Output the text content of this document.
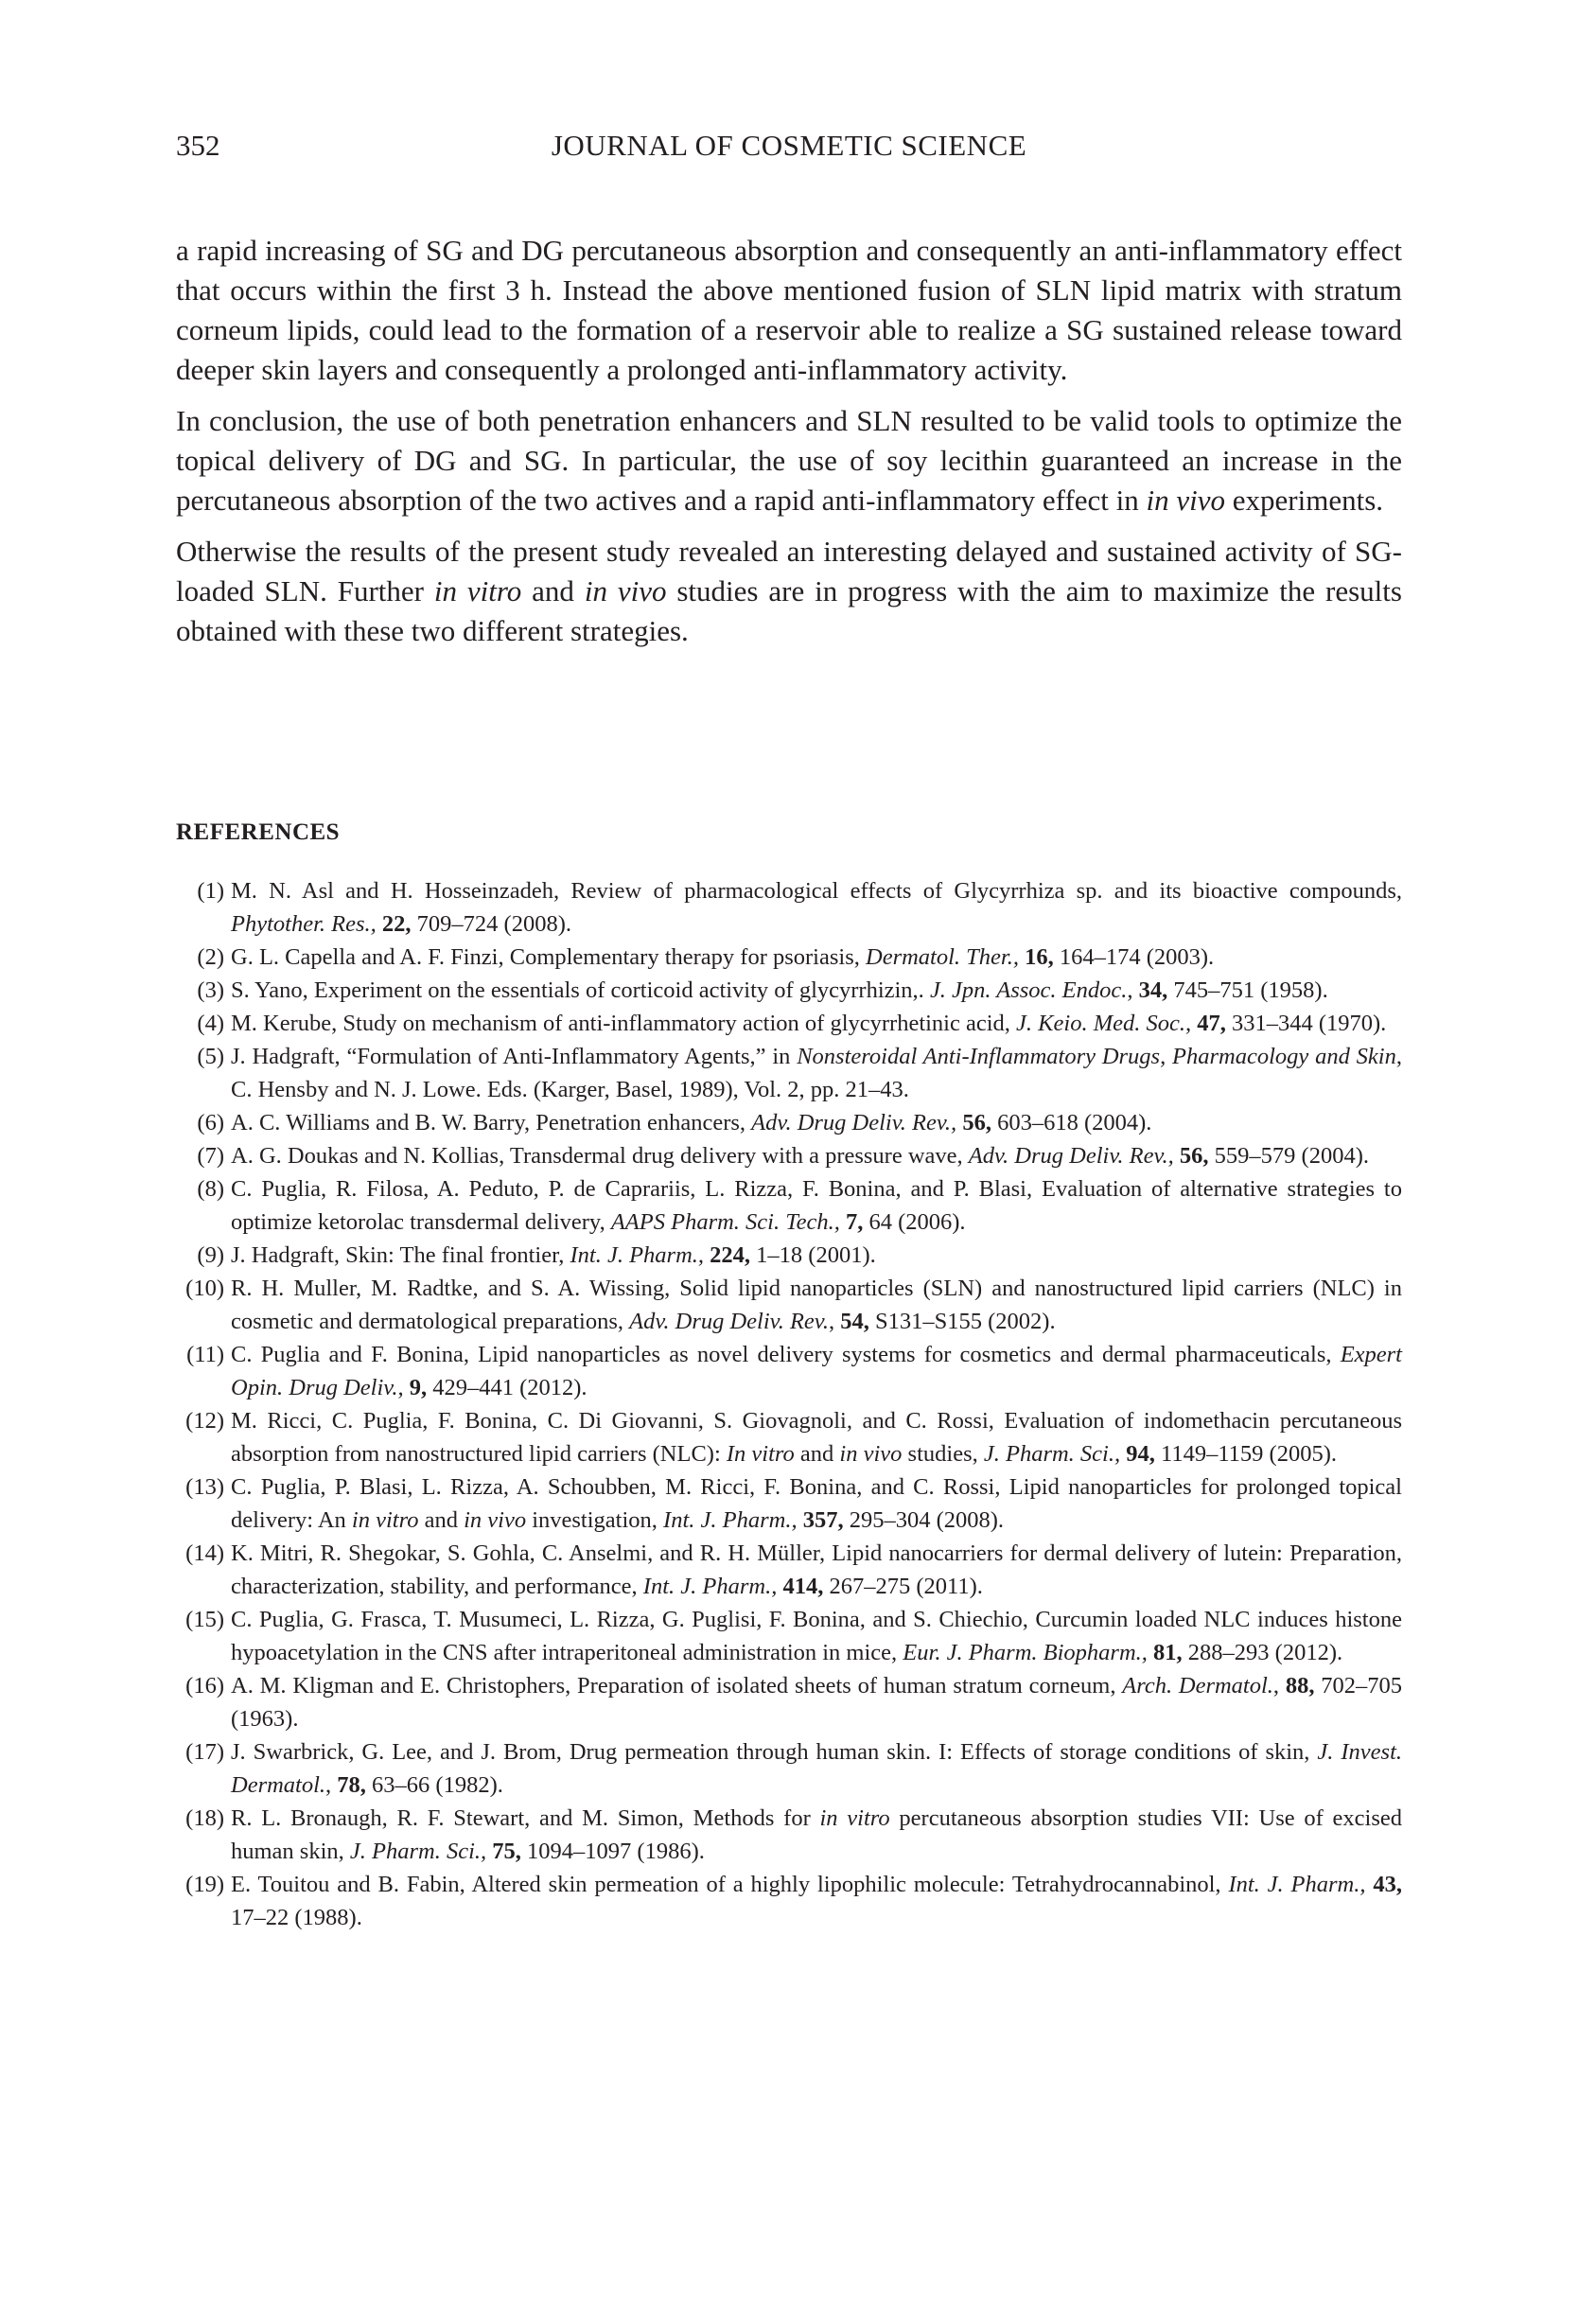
352	JOURNAL OF COSMETIC SCIENCE

a rapid increasing of SG and DG percutaneous absorption and consequently an anti-inflammatory effect that occurs within the first 3 h. Instead the above mentioned fusion of SLN lipid matrix with stratum corneum lipids, could lead to the formation of a reservoir able to realize a SG sustained release toward deeper skin layers and consequently a prolonged anti-inflammatory activity.

In conclusion, the use of both penetration enhancers and SLN resulted to be valid tools to optimize the topical delivery of DG and SG. In particular, the use of soy lecithin guaranteed an increase in the percutaneous absorption of the two actives and a rapid anti-inflammatory effect in in vivo experiments.

Otherwise the results of the present study revealed an interesting delayed and sustained activity of SG-loaded SLN. Further in vitro and in vivo studies are in progress with the aim to maximize the results obtained with these two different strategies.

REFERENCES
(1) M. N. Asl and H. Hosseinzadeh, Review of pharmacological effects of Glycyrrhiza sp. and its bioactive compounds, Phytother. Res., 22, 709–724 (2008).
(2) G. L. Capella and A. F. Finzi, Complementary therapy for psoriasis, Dermatol. Ther., 16, 164–174 (2003).
(3) S. Yano, Experiment on the essentials of corticoid activity of glycyrrhizin,. J. Jpn. Assoc. Endoc., 34, 745–751 (1958).
(4) M. Kerube, Study on mechanism of anti-inflammatory action of glycyrrhetinic acid, J. Keio. Med. Soc., 47, 331–344 (1970).
(5) J. Hadgraft, “Formulation of Anti-Inflammatory Agents,” in Nonsteroidal Anti-Inflammatory Drugs, Pharmacology and Skin, C. Hensby and N. J. Lowe. Eds. (Karger, Basel, 1989), Vol. 2, pp. 21–43.
(6) A. C. Williams and B. W. Barry, Penetration enhancers, Adv. Drug Deliv. Rev., 56, 603–618 (2004).
(7) A. G. Doukas and N. Kollias, Transdermal drug delivery with a pressure wave, Adv. Drug Deliv. Rev., 56, 559–579 (2004).
(8) C. Puglia, R. Filosa, A. Peduto, P. de Caprariis, L. Rizza, F. Bonina, and P. Blasi, Evaluation of alternative strategies to optimize ketorolac transdermal delivery, AAPS Pharm. Sci. Tech., 7, 64 (2006).
(9) J. Hadgraft, Skin: The final frontier, Int. J. Pharm., 224, 1–18 (2001).
(10) R. H. Muller, M. Radtke, and S. A. Wissing, Solid lipid nanoparticles (SLN) and nanostructured lipid carriers (NLC) in cosmetic and dermatological preparations, Adv. Drug Deliv. Rev., 54, S131–S155 (2002).
(11) C. Puglia and F. Bonina, Lipid nanoparticles as novel delivery systems for cosmetics and dermal pharmaceuticals, Expert Opin. Drug Deliv., 9, 429–441 (2012).
(12) M. Ricci, C. Puglia, F. Bonina, C. Di Giovanni, S. Giovagnoli, and C. Rossi, Evaluation of indomethacin percutaneous absorption from nanostructured lipid carriers (NLC): In vitro and in vivo studies, J. Pharm. Sci., 94, 1149–1159 (2005).
(13) C. Puglia, P. Blasi, L. Rizza, A. Schoubben, M. Ricci, F. Bonina, and C. Rossi, Lipid nanoparticles for prolonged topical delivery: An in vitro and in vivo investigation, Int. J. Pharm., 357, 295–304 (2008).
(14) K. Mitri, R. Shegokar, S. Gohla, C. Anselmi, and R. H. Müller, Lipid nanocarriers for dermal delivery of lutein: Preparation, characterization, stability, and performance, Int. J. Pharm., 414, 267–275 (2011).
(15) C. Puglia, G. Frasca, T. Musumeci, L. Rizza, G. Puglisi, F. Bonina, and S. Chiechio, Curcumin loaded NLC induces histone hypoacetylation in the CNS after intraperitoneal administration in mice, Eur. J. Pharm. Biopharm., 81, 288–293 (2012).
(16) A. M. Kligman and E. Christophers, Preparation of isolated sheets of human stratum corneum, Arch. Dermatol., 88, 702–705 (1963).
(17) J. Swarbrick, G. Lee, and J. Brom, Drug permeation through human skin. I: Effects of storage conditions of skin, J. Invest. Dermatol., 78, 63–66 (1982).
(18) R. L. Bronaugh, R. F. Stewart, and M. Simon, Methods for in vitro percutaneous absorption studies VII: Use of excised human skin, J. Pharm. Sci., 75, 1094–1097 (1986).
(19) E. Touitou and B. Fabin, Altered skin permeation of a highly lipophilic molecule: Tetrahydrocannabinol, Int. J. Pharm., 43, 17–22 (1988).
